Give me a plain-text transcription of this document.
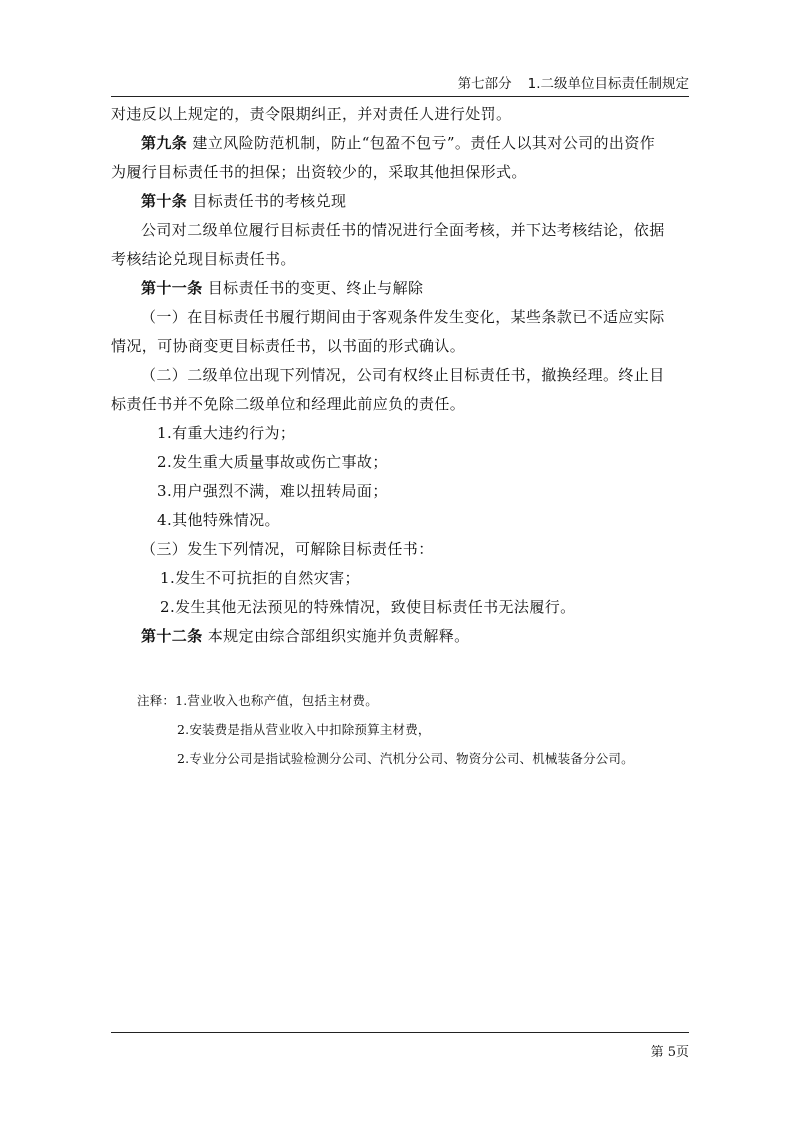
第七部分 1.二级单位目标责任制规定

对违反以上规定的，责令限期纠正，并对责任人进行处罚。

第九条 建立风险防范机制，防止“包盈不包亏”。责任人以其对公司的出资作

为履行目标责任书的担保；出资较少的，采取其他担保形式。

第十条 目标责任书的考核兑现

公司对二级单位履行目标责任书的情况进行全面考核，并下达考核结论，依据

考核结论兑现目标责任书。

第十一条 目标责任书的变更、终止与解除

（一）在目标责任书履行期间由于客观条件发生变化，某些条款已不适应实际

情况，可协商变更目标责任书，以书面的形式确认。

（二）二级单位出现下列情况，公司有权终止目标责任书，撤换经理。终止目

标责任书并不免除二级单位和经理此前应负的责任。

1.有重大违约行为；

2.发生重大质量事故或伤亡事故；

3.用户强烈不满，难以扭转局面；

4.其他特殊情况。

（三）发生下列情况，可解除目标责任书：

1.发生不可抗拒的自然灾害；

2.发生其他无法预见的特殊情况，致使目标责任书无法履行。

第十二条 本规定由综合部组织实施并负责解释。

注释：1.营业收入也称产值，包括主材费。

2.安装费是指从营业收入中扣除预算主材费，

2.专业分公司是指试验检测分公司、汽机分公司、物资分公司、机械装备分公司。

第 5页
